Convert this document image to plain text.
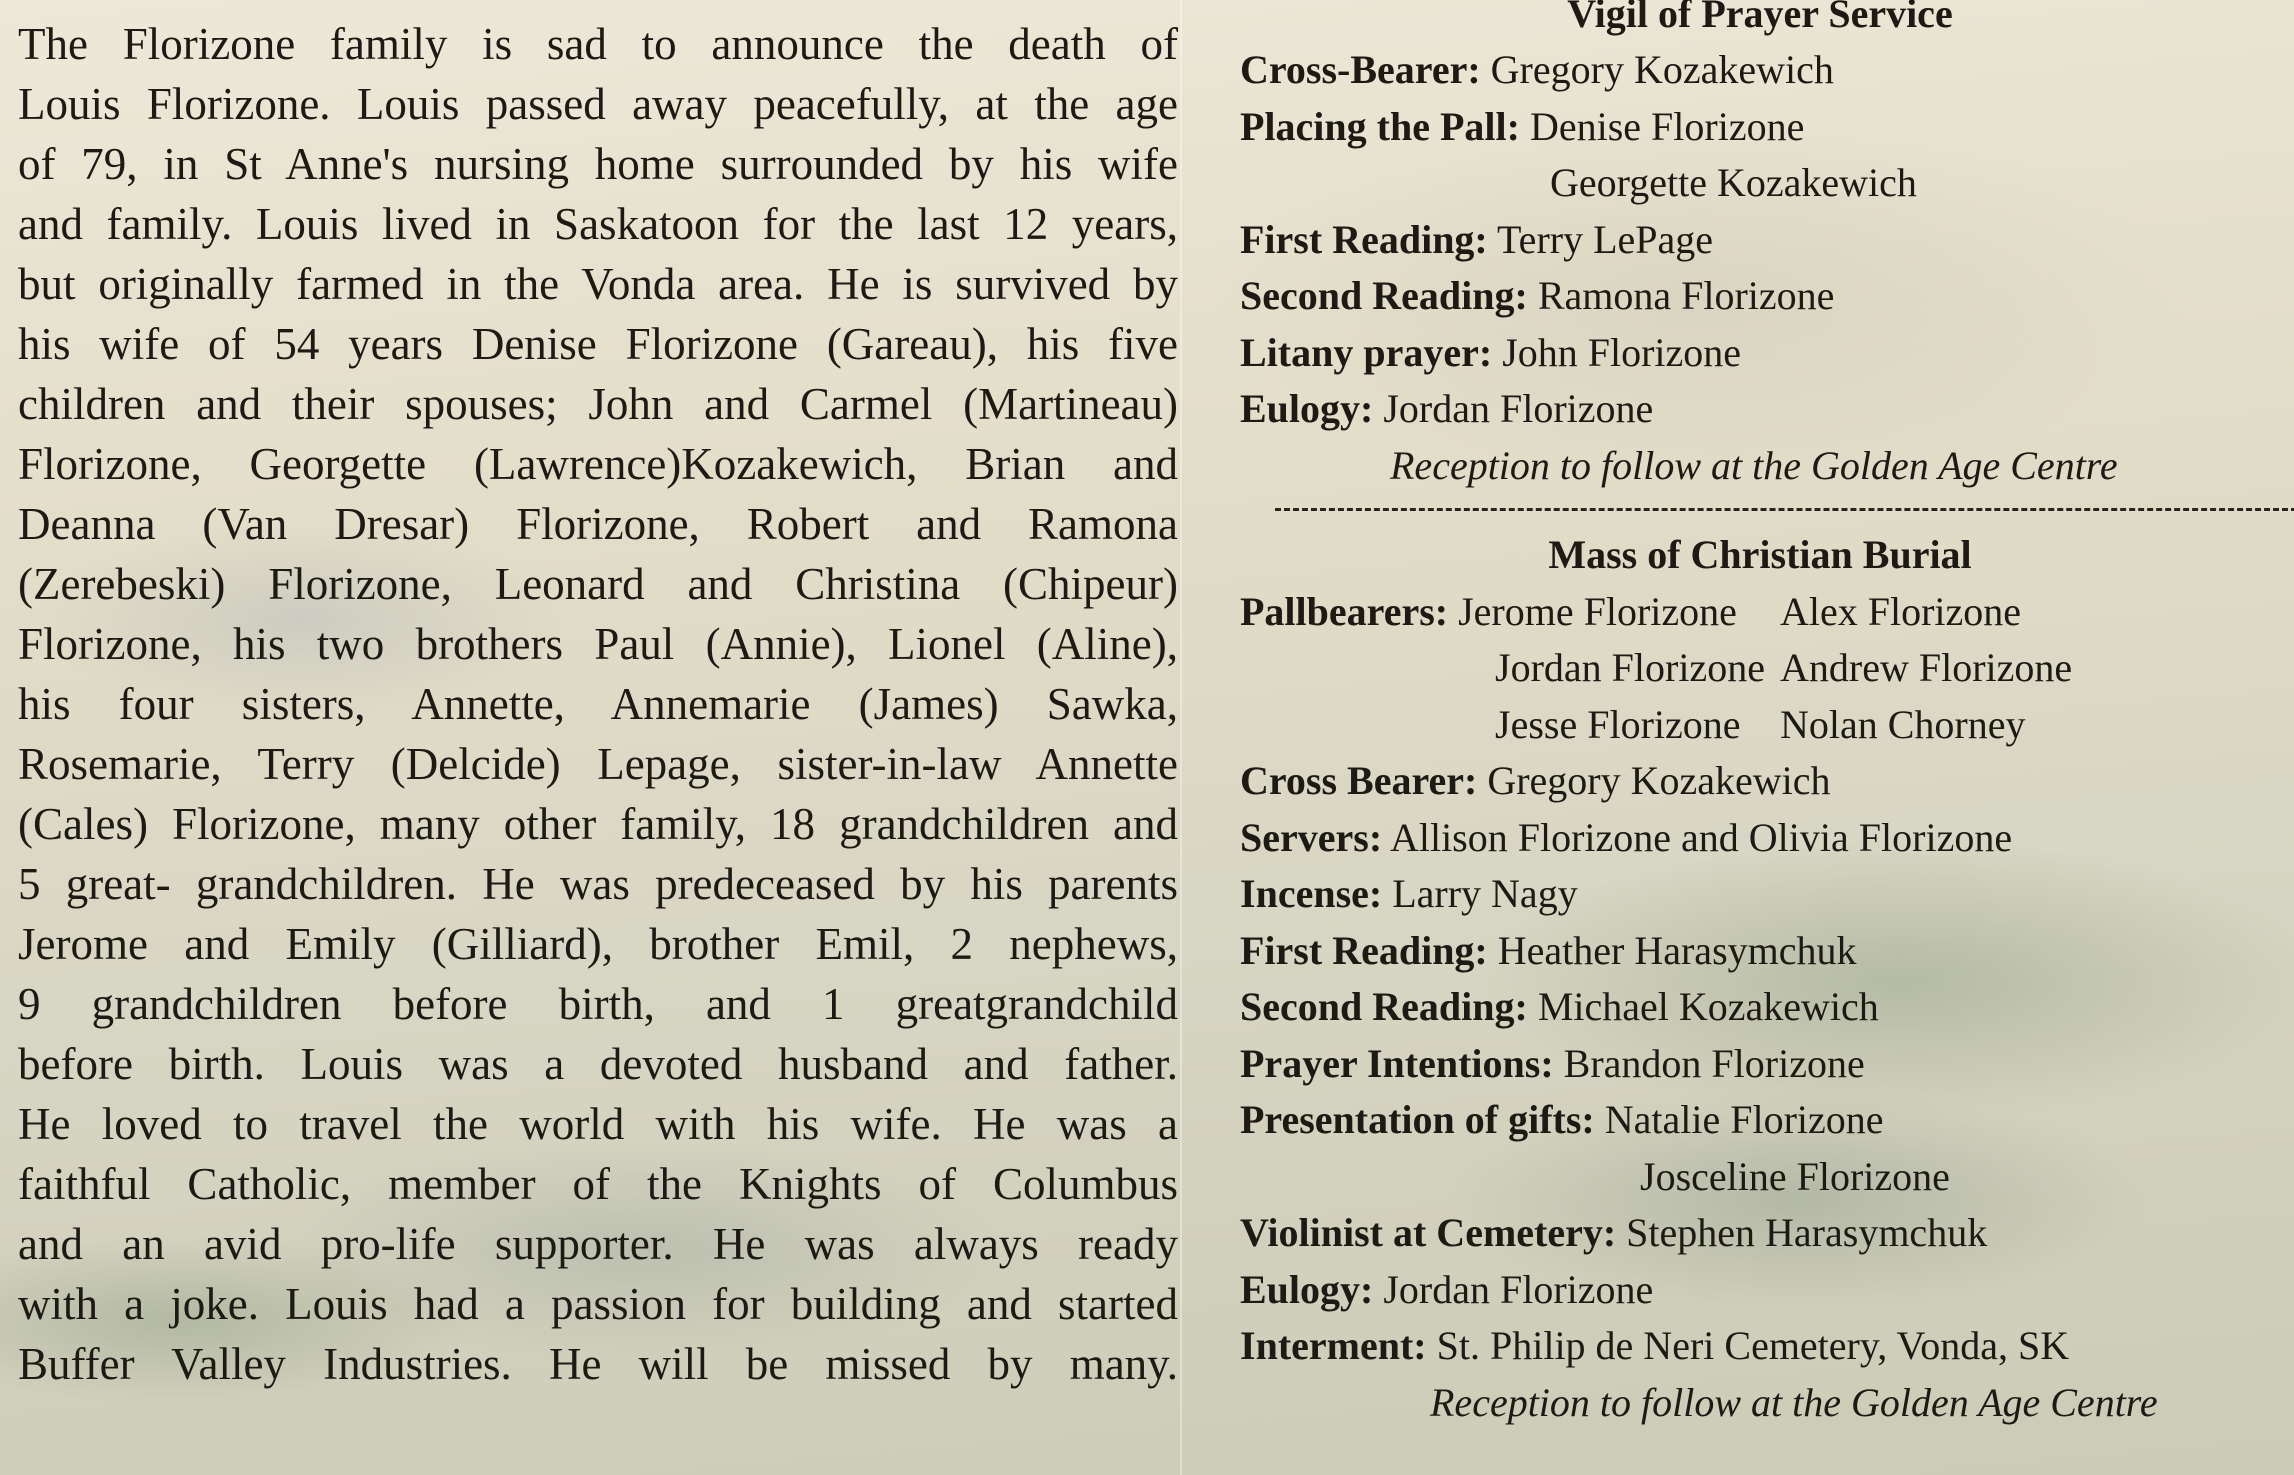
The Florizone family is sad to announce the death of
Louis Florizone. Louis passed away peacefully, at the age
of 79, in St Anne's nursing home surrounded by his wife
and family. Louis lived in Saskatoon for the last 12 years,
but originally farmed in the Vonda area. He is survived by
his wife of 54 years Denise Florizone (Gareau), his five
children and their spouses; John and Carmel (Martineau)
Florizone, Georgette (Lawrence)Kozakewich, Brian and
Deanna (Van Dresar) Florizone, Robert and Ramona
(Zerebeski) Florizone, Leonard and Christina (Chipeur)
Florizone, his two brothers Paul (Annie), Lionel (Aline),
his four sisters, Annette, Annemarie (James) Sawka,
Rosemarie, Terry (Delcide) Lepage, sister-in-law Annette
(Cales) Florizone, many other family, 18 grandchildren and
5 great- grandchildren. He was predeceased by his parents
Jerome and Emily (Gilliard), brother Emil, 2 nephews,
9 grandchildren before birth, and 1 greatgrandchild
before birth. Louis was a devoted husband and father.
He loved to travel the world with his wife. He was a
faithful Catholic, member of the Knights of Columbus
and an avid pro-life supporter. He was always ready
with a joke. Louis had a passion for building and started
Buffer Valley Industries. He will be missed by many.
Vigil of Prayer Service
Cross-Bearer: Gregory Kozakewich
Placing the Pall: Denise Florizone
Georgette Kozakewich
First Reading: Terry LePage
Second Reading: Ramona Florizone
Litany prayer: John Florizone
Eulogy: Jordan Florizone
Reception to follow at the Golden Age Centre
Mass of Christian Burial
Pallbearers: Jerome Florizone Alex Florizone
Jordan Florizone Andrew Florizone
Jesse Florizone Nolan Chorney
Cross Bearer: Gregory Kozakewich
Servers: Allison Florizone and Olivia Florizone
Incense: Larry Nagy
First Reading: Heather Harasymchuk
Second Reading: Michael Kozakewich
Prayer Intentions: Brandon Florizone
Presentation of gifts: Natalie Florizone
Josceline Florizone
Violinist at Cemetery: Stephen Harasymchuk
Eulogy: Jordan Florizone
Interment: St. Philip de Neri Cemetery, Vonda, SK
Reception to follow at the Golden Age Centre
